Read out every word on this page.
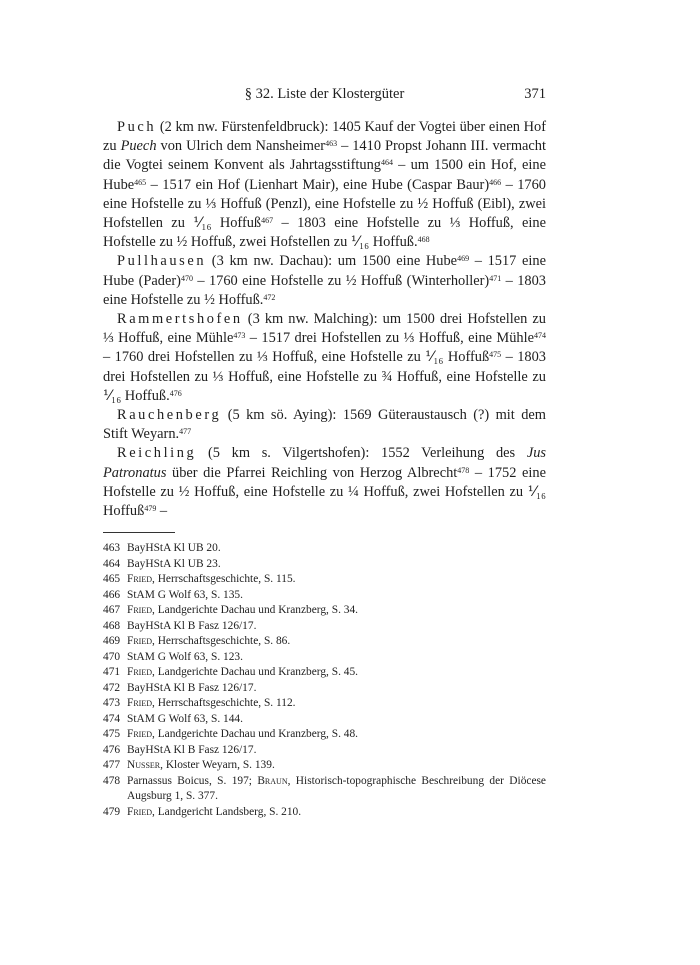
§ 32. Liste der Klostergüter	371

Puch (2 km nw. Fürstenfeldbruck): 1405 Kauf der Vogtei über einen Hof zu Puech von Ulrich dem Nansheimer$^{463}$ – 1410 Propst Johann III. vermacht die Vogtei seinem Konvent als Jahrtagsstiftung$^{464}$ – um 1500 ein Hof, eine Hube$^{465}$ – 1517 ein Hof (Lienhart Mair), eine Hube (Caspar Baur)$^{466}$ – 1760 eine Hofstelle zu ⅓ Hoffuß (Penzl), eine Hofstelle zu ½ Hoffuß (Eibl), zwei Hofstellen zu ⅟₁₆ Hoffuß$^{467}$ – 1803 eine Hofstelle zu ⅓ Hoffuß, eine Hofstelle zu ½ Hoffuß, zwei Hofstellen zu ⅟₁₆ Hoffuß.$^{468}$

Pullhausen (3 km nw. Dachau): um 1500 eine Hube$^{469}$ – 1517 eine Hube (Pader)$^{470}$ – 1760 eine Hofstelle zu ½ Hoffuß (Winterholler)$^{471}$ – 1803 eine Hofstelle zu ½ Hoffuß.$^{472}$

Rammertshofen (3 km nw. Malching): um 1500 drei Hofstellen zu ⅓ Hoffuß, eine Mühle$^{473}$ – 1517 drei Hofstellen zu ⅓ Hoffuß, eine Mühle$^{474}$ – 1760 drei Hofstellen zu ⅓ Hoffuß, eine Hofstelle zu ⅟₁₆ Hoffuß$^{475}$ – 1803 drei Hofstellen zu ⅓ Hoffuß, eine Hofstelle zu ¾ Hoffuß, eine Hofstelle zu ⅟₁₆ Hoffuß.$^{476}$

Rauchenberg (5 km sö. Aying): 1569 Güteraustausch (?) mit dem Stift Weyarn.$^{477}$

Reichling (5 km s. Vilgertshofen): 1552 Verleihung des Jus Patronatus über die Pfarrei Reichling von Herzog Albrecht$^{478}$ – 1752 eine Hofstelle zu ½ Hoffuß, eine Hofstelle zu ¼ Hoffuß, zwei Hofstellen zu ⅟₁₆ Hoffuß$^{479}$ –

463 BayHStA Kl UB 20.
464 BayHStA Kl UB 23.
465 Fried, Herrschaftsgeschichte, S. 115.
466 StAM G Wolf 63, S. 135.
467 Fried, Landgerichte Dachau und Kranzberg, S. 34.
468 BayHStA Kl B Fasz 126/17.
469 Fried, Herrschaftsgeschichte, S. 86.
470 StAM G Wolf 63, S. 123.
471 Fried, Landgerichte Dachau und Kranzberg, S. 45.
472 BayHStA Kl B Fasz 126/17.
473 Fried, Herrschaftsgeschichte, S. 112.
474 StAM G Wolf 63, S. 144.
475 Fried, Landgerichte Dachau und Kranzberg, S. 48.
476 BayHStA Kl B Fasz 126/17.
477 Nusser, Kloster Weyarn, S. 139.
478 Parnassus Boicus, S. 197; Braun, Historisch-topographische Beschreibung der Diöcese Augsburg 1, S. 377.
479 Fried, Landgericht Landsberg, S. 210.
